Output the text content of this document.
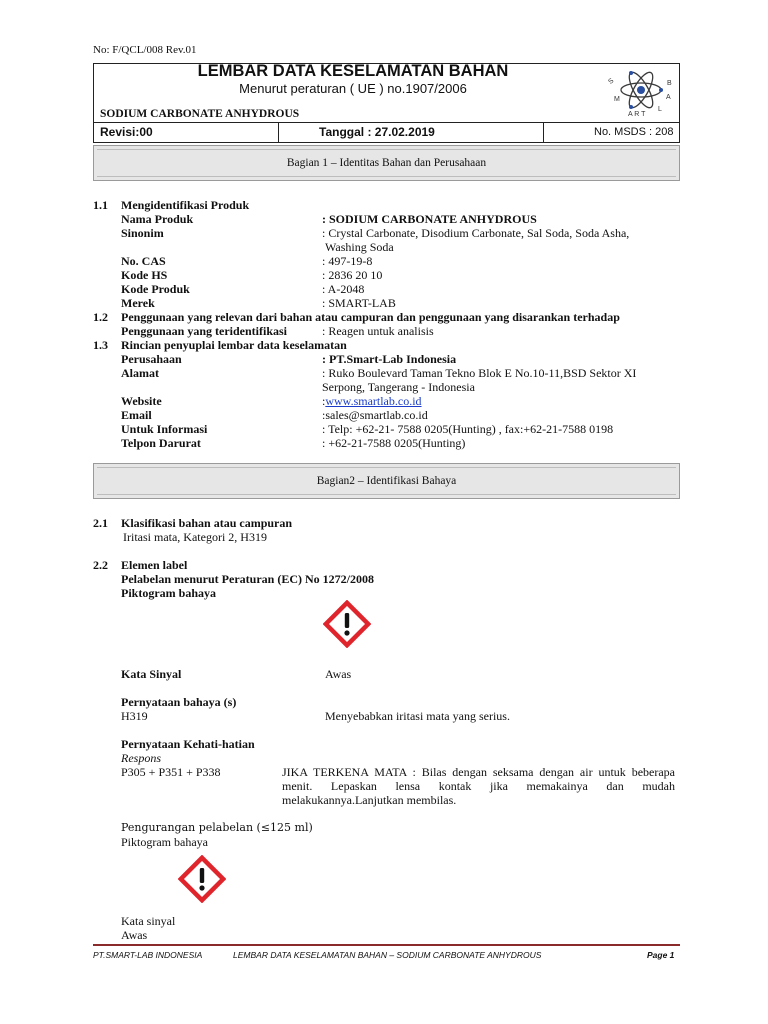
No: F/QCL/008 Rev.01
LEMBAR DATA KESELAMATAN BAHAN
Menurut peraturan ( UE ) no.1907/2006
SODIUM CARBONATE ANHYDROUS
S
M
A R T
L
A
B
Revisi:00	Tanggal : 27.02.2019	No. MSDS : 208
Bagian 1 – Identitas Bahan dan Perusahaan
1.1 Mengidentifikasi Produk
Nama Produk	: SODIUM CARBONATE ANHYDROUS
Sinonim	: Crystal Carbonate, Disodium Carbonate, Sal Soda, Soda Asha,
Washing Soda
No. CAS	: 497-19-8
Kode HS	: 2836 20 10
Kode Produk	: A-2048
Merek	: SMART-LAB
1.2 Penggunaan yang relevan dari bahan atau campuran dan penggunaan yang disarankan terhadap
Penggunaan yang teridentifikasi	: Reagen untuk analisis
1.3 Rincian penyuplai lembar data keselamatan
Perusahaan	: PT.Smart-Lab Indonesia
Alamat	: Ruko Boulevard Taman Tekno Blok E No.10-11,BSD Sektor XI
Serpong, Tangerang - Indonesia
Website	:www.smartlab.co.id
Email	:sales@smartlab.co.id
Untuk Informasi	: Telp: +62-21- 7588 0205(Hunting) , fax:+62-21-7588 0198
Telpon Darurat	: +62-21-7588 0205(Hunting)
Bagian2 – Identifikasi Bahaya
2.1 Klasifikasi bahan atau campuran
Iritasi mata, Kategori 2, H319
2.2 Elemen label
Pelabelan menurut Peraturan (EC) No 1272/2008
Piktogram bahaya
Kata Sinyal	Awas
Pernyataan bahaya (s)
H319	Menyebabkan iritasi mata yang serius.
Pernyataan Kehati-hatian
Respons
P305 + P351 + P338	JIKA TERKENA MATA : Bilas dengan seksama dengan air untuk beberapa menit. Lepaskan lensa kontak jika memakainya dan mudah melakukannya.Lanjutkan membilas.
Pengurangan pelabelan (≤125 ml)
Piktogram bahaya
Kata sinyal
Awas
PT.SMART-LAB INDONESIA	LEMBAR DATA KESELAMATAN BAHAN – SODIUM CARBONATE ANHYDROUS	Page 1
